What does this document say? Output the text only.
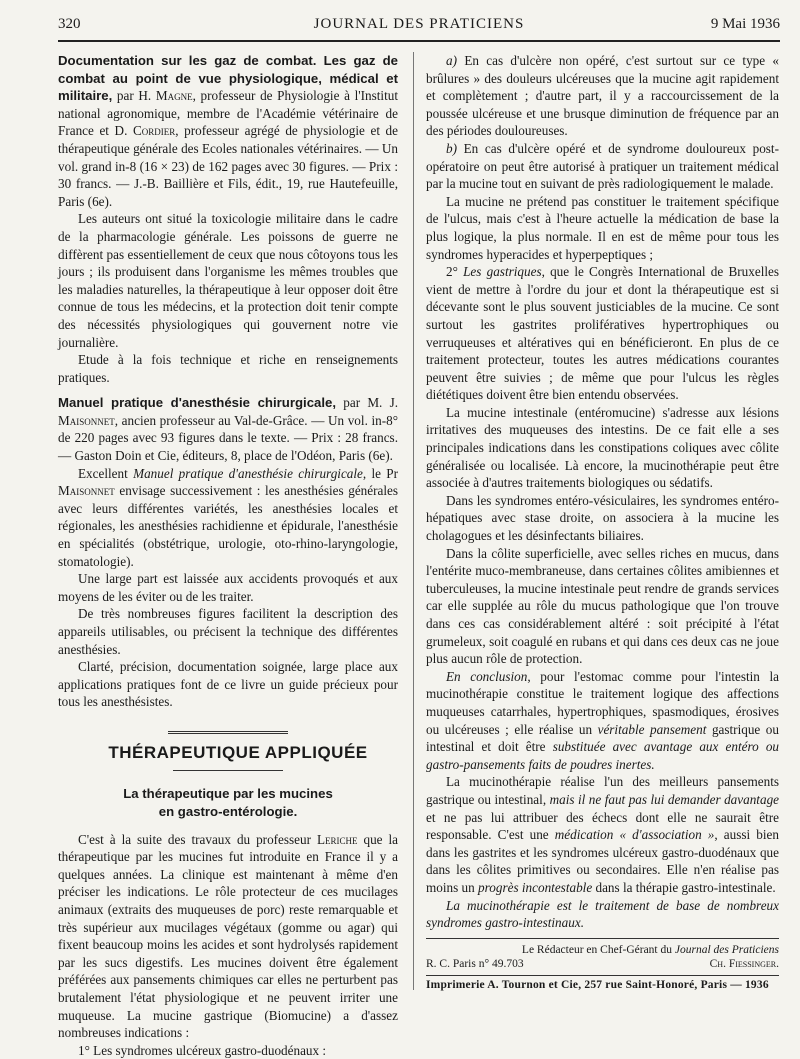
320	JOURNAL DES PRATICIENS	9 Mai 1936

Documentation sur les gaz de combat. Les gaz de combat au point de vue physiologique, médical et militaire, par H. Magne, professeur de Physiologie à l'Institut national agronomique, membre de l'Académie vétérinaire de France et D. Cordier, professeur agrégé de physiologie et de thérapeutique générale des Ecoles nationales vétérinaires. — Un vol. grand in-8 (16 × 23) de 162 pages avec 30 figures. — Prix : 30 francs. — J.-B. Baillière et Fils, édit., 19, rue Hautefeuille, Paris (6e).

Les auteurs ont situé la toxicologie militaire dans le cadre de la pharmacologie générale. Les poissons de guerre ne diffèrent pas essentiellement de ceux que nous côtoyons tous les jours ; ils produisent dans l'organisme les mêmes troubles que les maladies naturelles, la thérapeutique à leur opposer doit être connue de tous les médecins, et la protection doit tenir compte des nécessités physiologiques qui gouvernent notre vie journalière.

Etude à la fois technique et riche en renseignements pratiques.

Manuel pratique d'anesthésie chirurgicale, par M. J. Maisonnet, ancien professeur au Val-de-Grâce. — Un vol. in-8° de 220 pages avec 93 figures dans le texte. — Prix : 28 francs. — Gaston Doin et Cie, éditeurs, 8, place de l'Odéon, Paris (6e).

Excellent Manuel pratique d'anesthésie chirurgicale, le Pr Maisonnet envisage successivement : les anesthésies générales avec leurs différentes variétés, les anesthésies locales et régionales, les anesthésies rachidienne et épidurale, l'anesthésie en spécialités (obstétrique, urologie, oto-rhino-laryngologie, stomatologie).

Une large part est laissée aux accidents provoqués et aux moyens de les éviter ou de les traiter.

De très nombreuses figures facilitent la description des appareils utilisables, ou précisent la technique des différentes anesthésies.

Clarté, précision, documentation soignée, large place aux applications pratiques font de ce livre un guide précieux pour tous les anesthésistes.

THÉRAPEUTIQUE APPLIQUÉE

La thérapeutique par les mucines
en gastro-entérologie.

C'est à la suite des travaux du professeur Leriche que la thérapeutique par les mucines fut introduite en France il y a quelques années. La clinique est maintenant à même d'en préciser les indications. Le rôle protecteur de ces mucilages animaux (extraits des muqueuses de porc) reste remarquable et très supérieur aux mucilages végétaux (gomme ou agar) qui fixent beaucoup moins les acides et sont hydrolysés rapidement par les sucs digestifs. Les mucines doivent être également préférées aux pansements chimiques car elles ne perturbent pas brutalement l'état physiologique et ne peuvent irriter une muqueuse. La mucine gastrique (Biomucine) a d'assez nombreuses indications :

1° Les syndromes ulcéreux gastro-duodénaux :

a) En cas d'ulcère non opéré, c'est surtout sur ce type « brûlures » des douleurs ulcéreuses que la mucine agit rapidement et complètement ; d'autre part, il y a raccourcissement de la poussée ulcéreuse et une brusque diminution de fréquence par an des périodes douloureuses.

b) En cas d'ulcère opéré et de syndrome douloureux post-opératoire on peut être autorisé à pratiquer un traitement médical par la mucine tout en suivant de près radiologiquement le malade.

La mucine ne prétend pas constituer le traitement spécifique de l'ulcus, mais c'est à l'heure actuelle la médication de base la plus logique, la plus normale. Il en est de même pour tous les syndromes hyperacides et hyperpeptiques ;

2° Les gastriques, que le Congrès International de Bruxelles vient de mettre à l'ordre du jour et dont la thérapeutique est si décevante sont le plus souvent justiciables de la mucine. Ce sont surtout les gastrites prolifératives hypertrophiques ou verruqueuses et altératives qui en bénéficieront. En plus de ce traitement protecteur, toutes les autres médications courantes peuvent être suivies ; de même que pour l'ulcus les règles diététiques doivent être bien entendu observées.

La mucine intestinale (entéromucine) s'adresse aux lésions irritatives des muqueuses des intestins. De ce fait elle a ses principales indications dans les constipations coliques avec côlite généralisée ou localisée. Là encore, la mucinothérapie peut être associée à d'autres traitements biologiques ou sédatifs.

Dans les syndromes entéro-vésiculaires, les syndromes entéro-hépatiques avec stase droite, on associera à la mucine les cholagogues et les désinfectants biliaires.

Dans la côlite superficielle, avec selles riches en mucus, dans l'entérite muco-membraneuse, dans certaines côlites amibiennes et tuberculeuses, la mucine intestinale peut rendre de grands services car elle supplée au rôle du mucus pathologique que l'on trouve dans ces cas considérablement altéré : soit précipité à l'état grumeleux, soit coagulé en rubans et qui dans ces deux cas ne joue plus aucun rôle de protection.

En conclusion, pour l'estomac comme pour l'intestin la mucinothérapie constitue le traitement logique des affections muqueuses catarrhales, hypertrophiques, spasmodiques, érosives ou ulcéreuses ; elle réalise un véritable pansement gastrique ou intestinal et doit être substituée avec avantage aux entéro ou gastro-pansements faits de poudres inertes.

La mucinothérapie réalise l'un des meilleurs pansements gastrique ou intestinal, mais il ne faut pas lui demander davantage et ne pas lui attribuer des échecs dont elle ne saurait être responsable. C'est une médication « d'association », aussi bien dans les gastrites et les syndromes ulcéreux gastro-duodénaux que dans les côlites primitives ou secondaires. Elle n'en réalise pas moins un progrès incontestable dans la thérapie gastro-intestinale.

La mucinothérapie est le traitement de base de nombreux syndromes gastro-intestinaux.

Le Rédacteur en Chef-Gérant du Journal des Praticiens
R. C. Paris n° 49.703	Ch. Fiessinger.
Imprimerie A. Tournon et Cie, 257 rue Saint-Honoré, Paris — 1936
